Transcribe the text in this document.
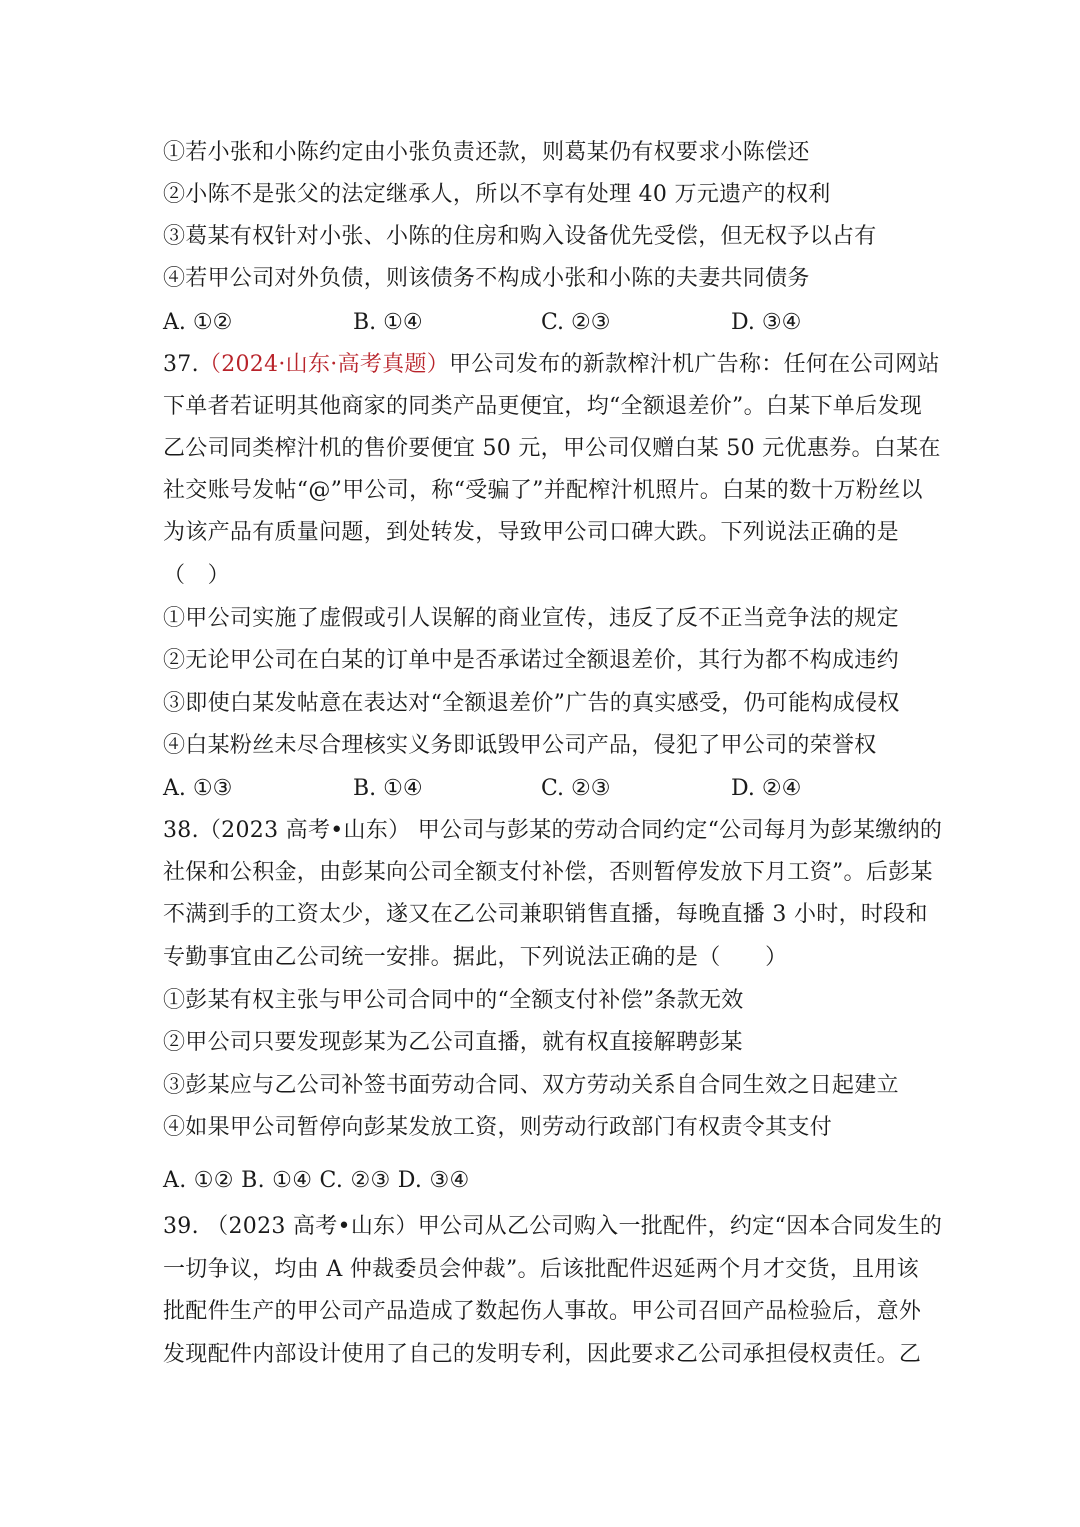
①若小张和小陈约定由小张负责还款，则葛某仍有权要求小陈偿还
②小陈不是张父的法定继承人，所以不享有处理 40 万元遗产的权利
③葛某有权针对小张、小陈的住房和购入设备优先受偿，但无权予以占有
④若甲公司对外负债，则该债务不构成小张和小陈的夫妻共同债务
A. ①②	B. ①④	C. ②③	D. ③④
37.（2024·山东·高考真题）甲公司发布的新款榨汁机广告称：任何在公司网站
下单者若证明其他商家的同类产品更便宜，均“全额退差价”。白某下单后发现
乙公司同类榨汁机的售价要便宜 50 元，甲公司仅赠白某 50 元优惠券。白某在
社交账号发帖“@”甲公司，称“受骗了”并配榨汁机照片。白某的数十万粉丝以
为该产品有质量问题，到处转发，导致甲公司口碑大跌。下列说法正确的是
（　）
①甲公司实施了虚假或引人误解的商业宣传，违反了反不正当竞争法的规定
②无论甲公司在白某的订单中是否承诺过全额退差价，其行为都不构成违约
③即使白某发帖意在表达对“全额退差价”广告的真实感受，仍可能构成侵权
④白某粉丝未尽合理核实义务即诋毁甲公司产品，侵犯了甲公司的荣誉权
A. ①③	B. ①④	C. ②③	D. ②④
38.（2023 高考•山东） 甲公司与彭某的劳动合同约定“公司每月为彭某缴纳的
社保和公积金，由彭某向公司全额支付补偿，否则暂停发放下月工资”。后彭某
不满到手的工资太少，遂又在乙公司兼职销售直播，每晚直播 3 小时，时段和
专勤事宜由乙公司统一安排。据此，下列说法正确的是（　　）
①彭某有权主张与甲公司合同中的“全额支付补偿”条款无效
②甲公司只要发现彭某为乙公司直播，就有权直接解聘彭某
③彭某应与乙公司补签书面劳动合同、双方劳动关系自合同生效之日起建立
④如果甲公司暂停向彭某发放工资，则劳动行政部门有权责令其支付
A. ①② B. ①④ C. ②③ D. ③④
39. （2023 高考•山东）甲公司从乙公司购入一批配件，约定“因本合同发生的
一切争议，均由 A 仲裁委员会仲裁”。后该批配件迟延两个月才交货，且用该
批配件生产的甲公司产品造成了数起伤人事故。甲公司召回产品检验后，意外
发现配件内部设计使用了自己的发明专利，因此要求乙公司承担侵权责任。乙
